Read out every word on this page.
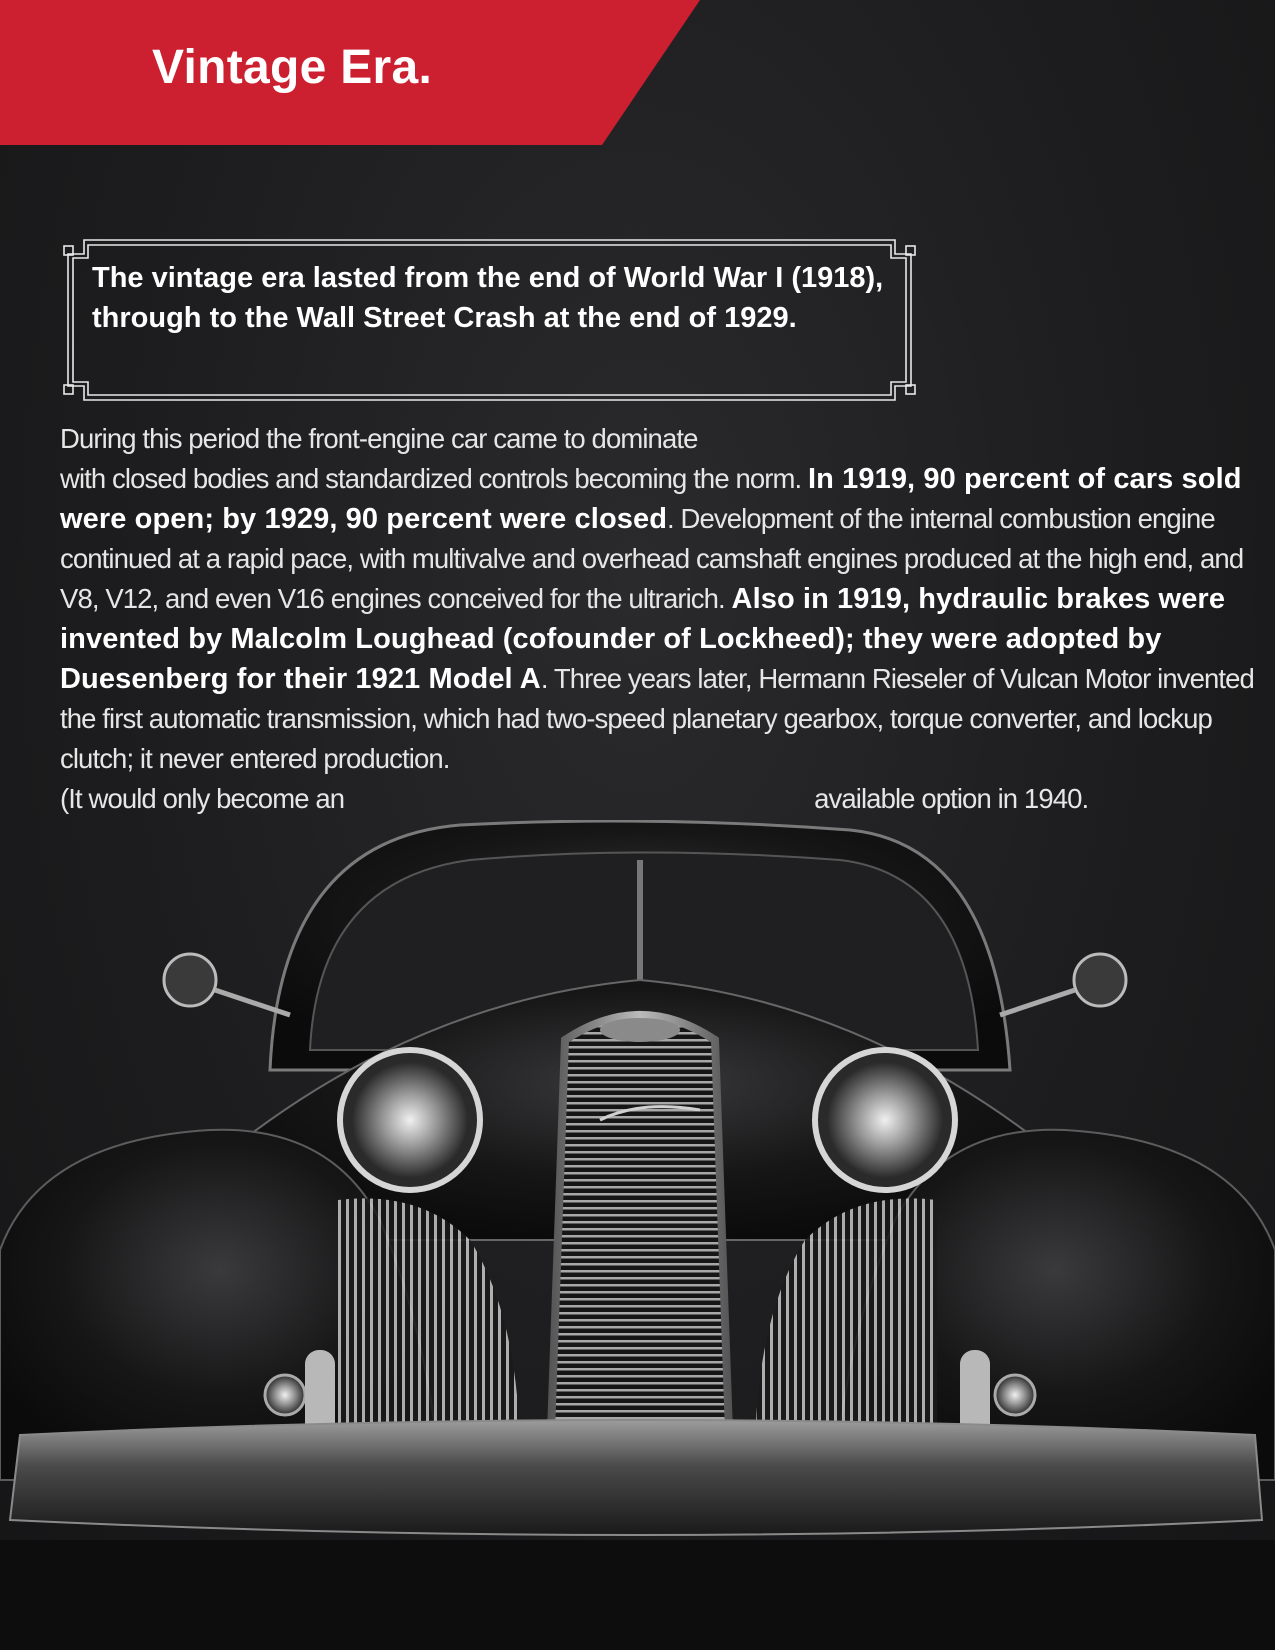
Vintage Era.

The vintage era lasted from the end of World War I (1918), through to the Wall Street Crash at the end of 1929.

During this period the front-engine car came to dominate
with closed bodies and standardized controls becoming the norm. In 1919, 90 percent of cars sold were open; by 1929, 90 percent were closed. Development of the internal combustion engine continued at a rapid pace, with multivalve and overhead camshaft engines produced at the high end, and V8, V12, and even V16 engines conceived for the ultrarich. Also in 1919, hydraulic brakes were invented by Malcolm Loughead (cofounder of Lockheed); they were adopted by Duesenberg for their 1921 Model A. Three years later, Hermann Rieseler of Vulcan Motor invented the first automatic transmission, which had two-speed planetary gearbox, torque converter, and lockup clutch; it never entered production.
(It would only become an	available option in 1940.
